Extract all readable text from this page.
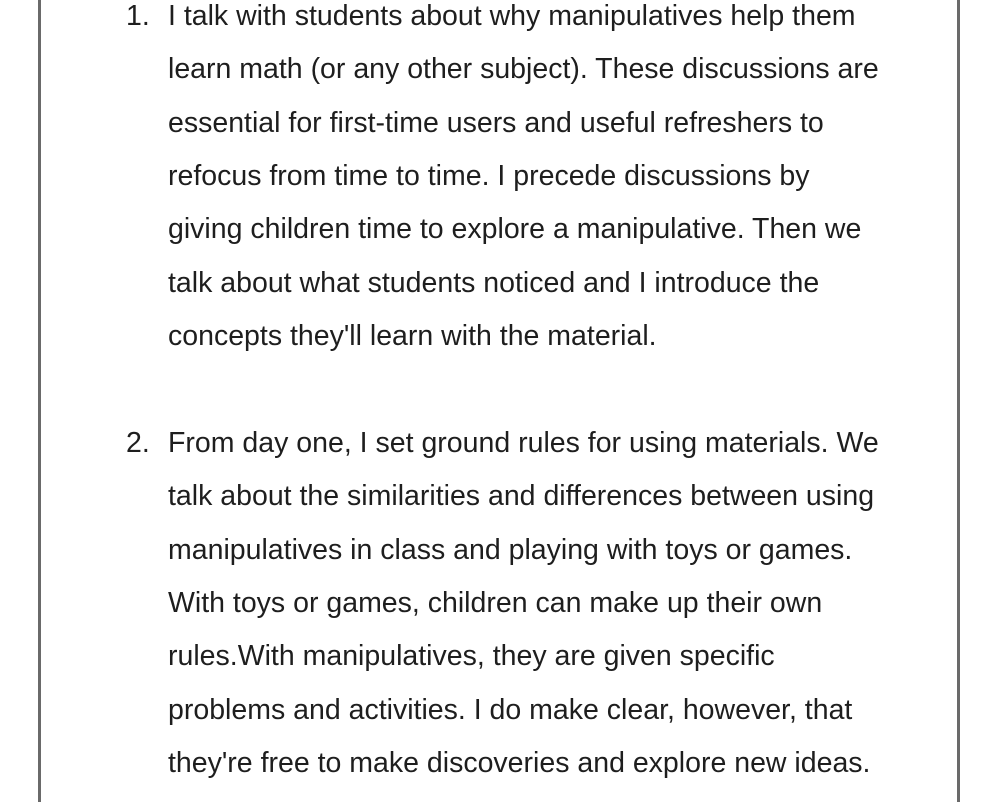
1. I talk with students about why manipulatives help them
learn math (or any other subject). These discussions are
essential for first-time users and useful refreshers to
refocus from time to time. I precede discussions by
giving children time to explore a manipulative. Then we
talk about what students noticed and I introduce the
concepts they'll learn with the material.
2. From day one, I set ground rules for using materials. We
talk about the similarities and differences between using
manipulatives in class and playing with toys or games.
With toys or games, children can make up their own
rules.With manipulatives, they are given specific
problems and activities. I do make clear, however, that
they're free to make discoveries and explore new ideas.
